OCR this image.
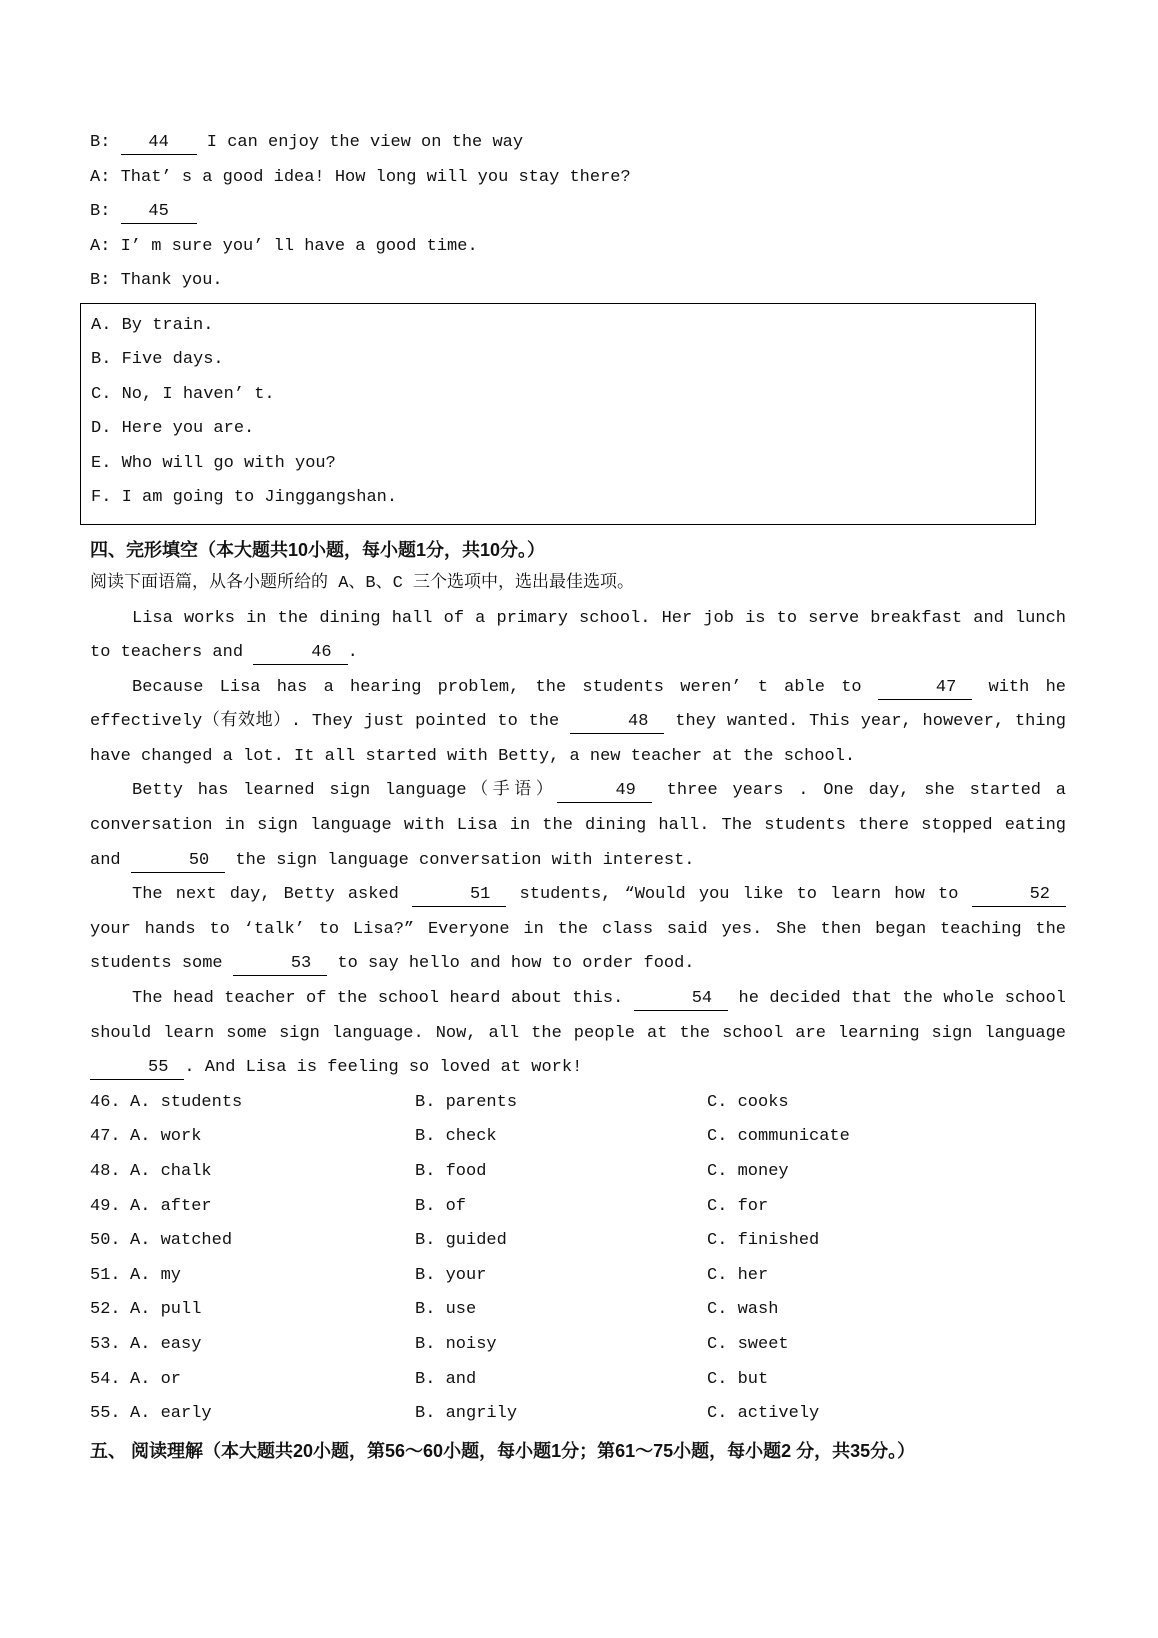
B: 44 I can enjoy the view on the way
A: That’ s a good idea! How long will you stay there?
B: 45
A: I’ m sure you’ ll have a good time.
B: Thank you.
A. By train.
B. Five days.
C. No, I haven’ t.
D. Here you are.
E. Who will go with you?
F. I am going to Jinggangshan.
四、完形填空（本大题共10小题，每小题1分，共10分。）
阅读下面语篇，从各小题所给的 A、B、C 三个选项中，选出最佳选项。

Lisa works in the dining hall of a primary school. Her job is to serve breakfast and lunch to teachers and	46 .

Because Lisa has a hearing problem, the students weren’ t able to	47 with he effectively（有效地）. They just pointed to the	48 they wanted. This year, however, thing have changed a lot. It all started with Betty, a new teacher at the school.

Betty has learned sign language（手语）	49 three years . One day, she started a conversation in sign language with Lisa in the dining hall. The students there stopped eating and	50 the sign language conversation with interest.

The next day, Betty asked	51 students, “Would you like to learn how to	52 your hands to ‘talk’ to Lisa?” Everyone in the class said yes. She then began teaching the students some	53 to say hello and how to order food.

The head teacher of the school heard about this.	54 he decided that the whole school should learn some sign language. Now, all the people at the school are learning sign language 55 . And Lisa is feeling so loved at work!

46. A. students	B. parents	C. cooks
47. A. work	B. check	C. communicate
48. A. chalk	B. food	C. money
49. A. after	B. of	C. for
50. A. watched	B. guided	C. finished
51. A. my	B. your	C. her
52. A. pull	B. use	C. wash
53. A. easy	B. noisy	C. sweet
54. A. or	B. and	C. but
55. A. early	B. angrily	C. actively
五、 阅读理解（本大题共20小题，第56～60小题，每小题1分；第61～75小题，每小题2 分，共35分。）
